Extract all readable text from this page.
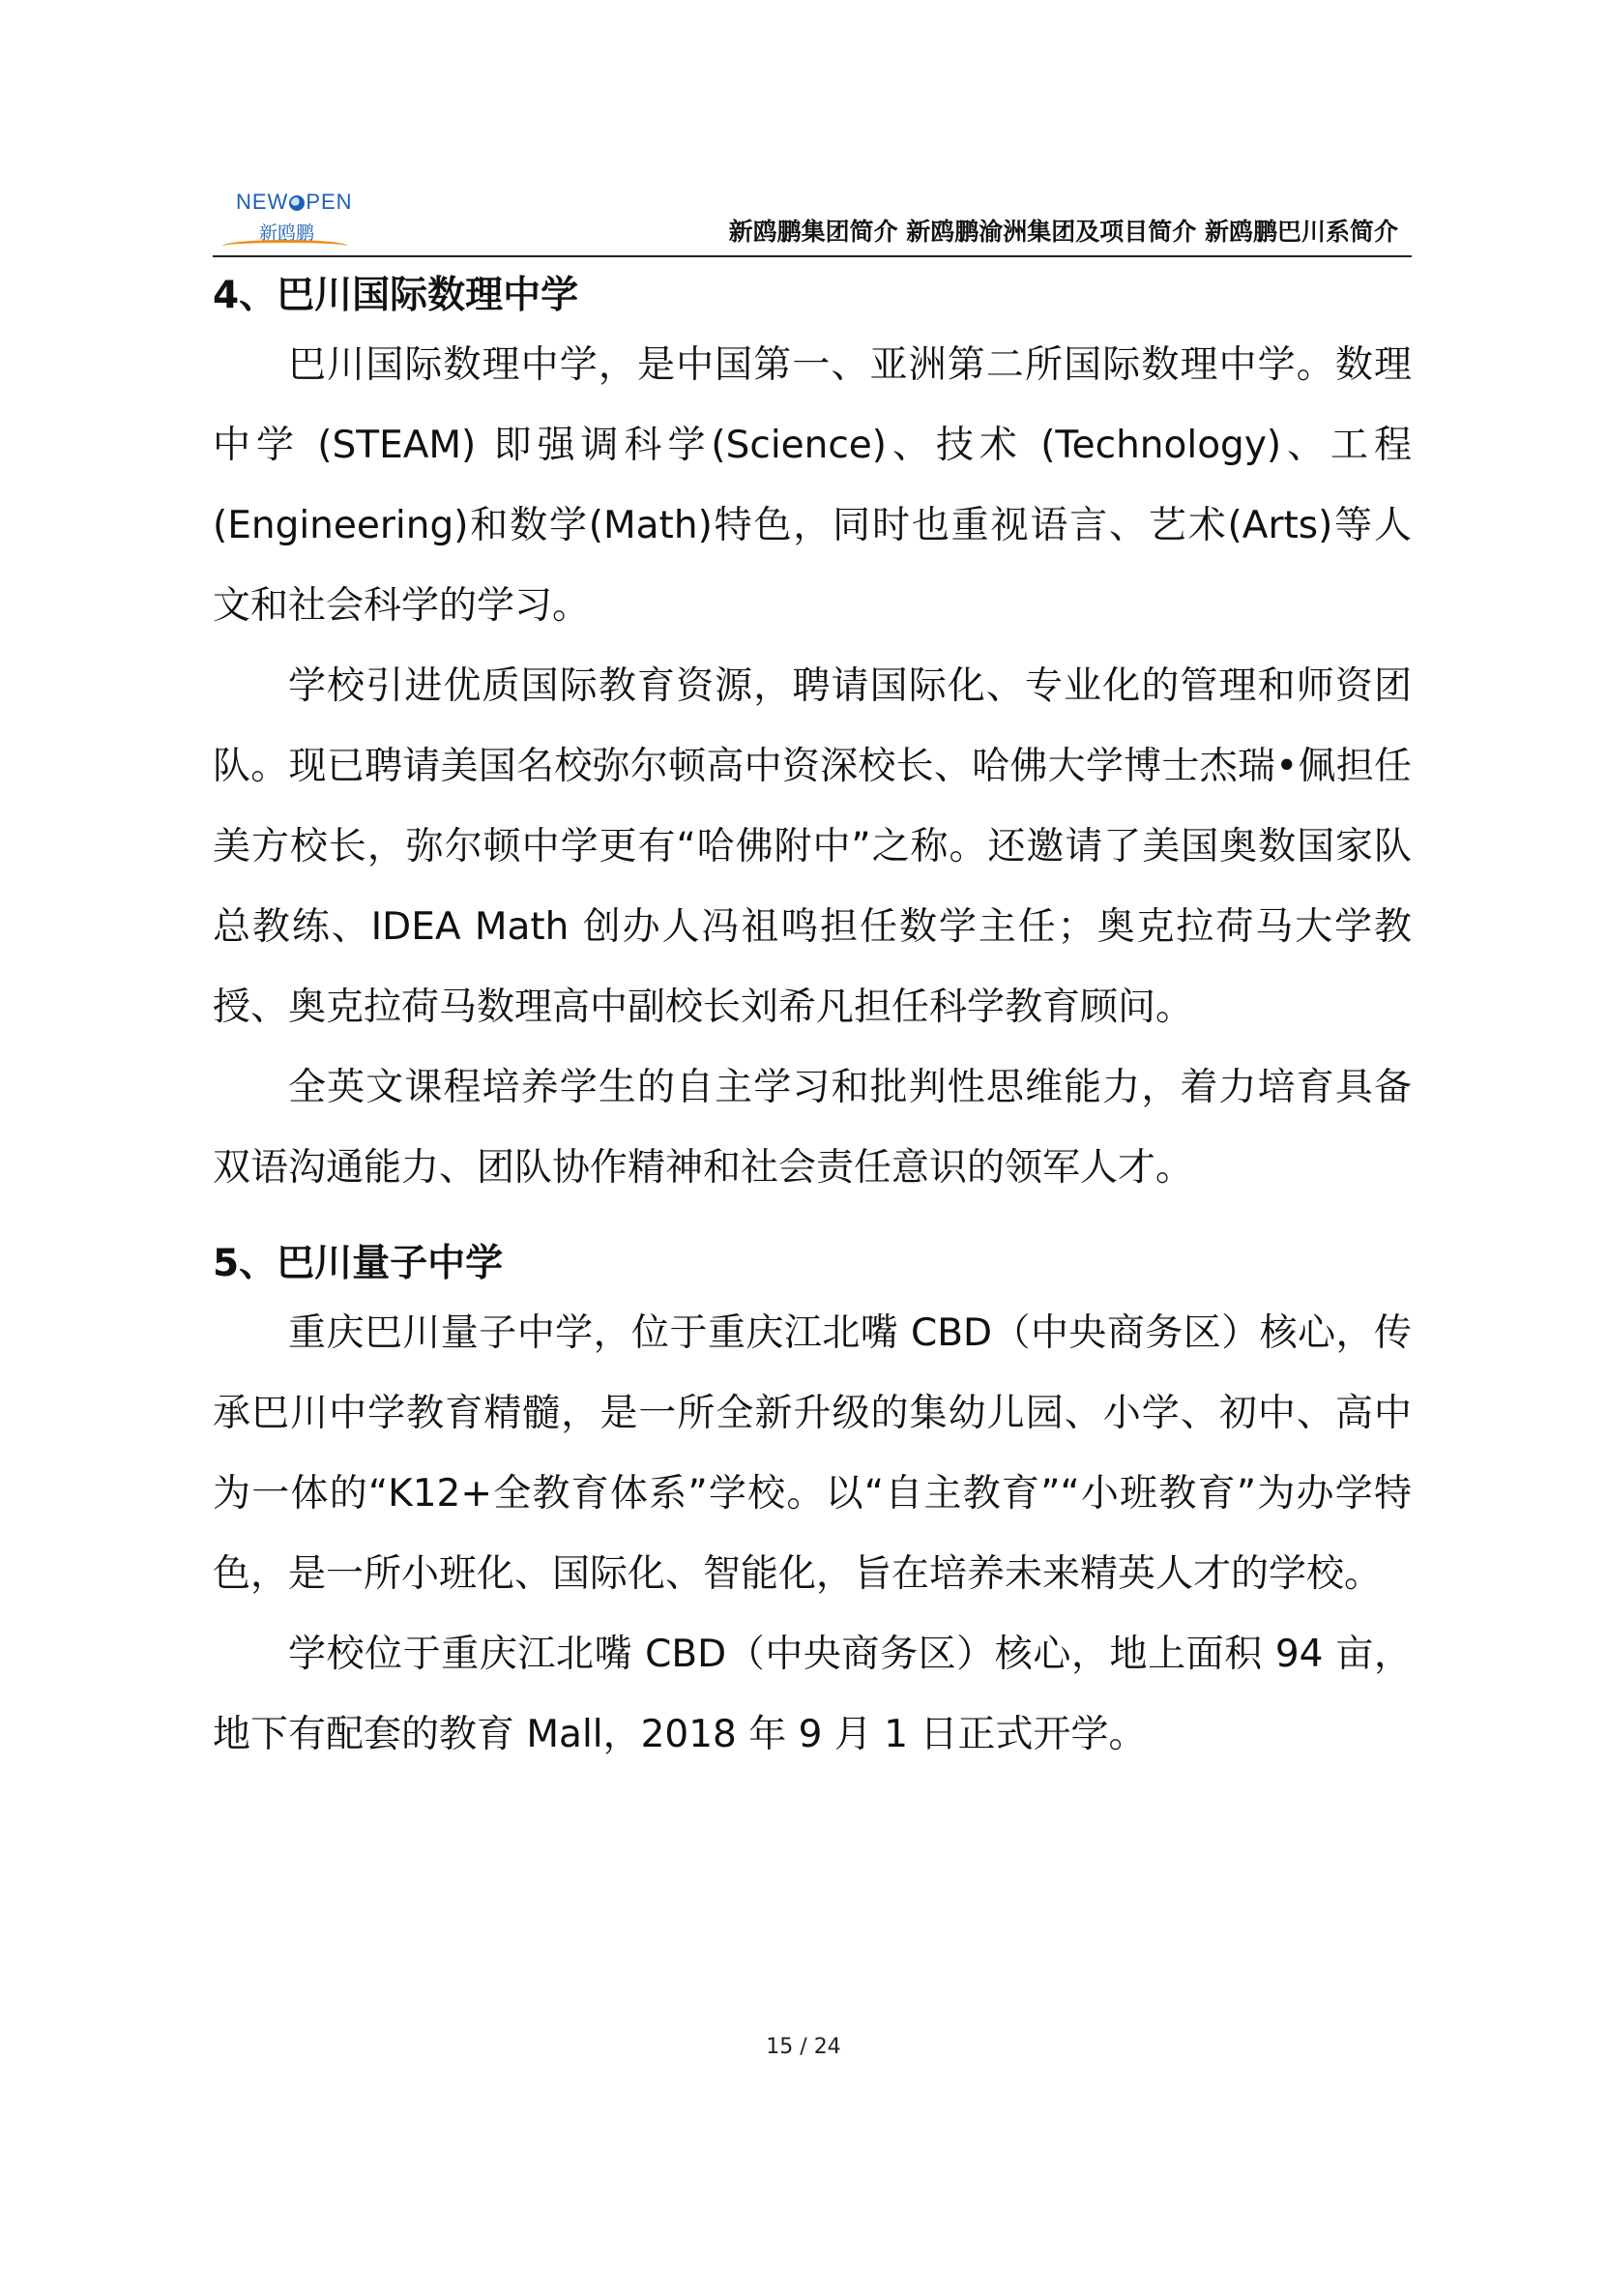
NEW PEN
新鸥鹏	新鸥鹏集团简介 新鸥鹏渝洲集团及项目简介 新鸥鹏巴川系简介
4、巴川国际数理中学

巴川国际数理中学，是中国第一、亚洲第二所国际数理中学。数理中学 (STEAM) 即强调科学(Science)、技术 (Technology)、工程(Engineering)和数学(Math)特色，同时也重视语言、艺术(Arts)等人文和社会科学的学习。

学校引进优质国际教育资源，聘请国际化、专业化的管理和师资团队。现已聘请美国名校弥尔顿高中资深校长、哈佛大学博士杰瑞•佩担任美方校长，弥尔顿中学更有“哈佛附中”之称。还邀请了美国奥数国家队总教练、IDEA Math 创办人冯祖鸣担任数学主任；奥克拉荷马大学教授、奥克拉荷马数理高中副校长刘希凡担任科学教育顾问。

全英文课程培养学生的自主学习和批判性思维能力，着力培育具备双语沟通能力、团队协作精神和社会责任意识的领军人才。

5、巴川量子中学

重庆巴川量子中学，位于重庆江北嘴 CBD（中央商务区）核心，传承巴川中学教育精髓，是一所全新升级的集幼儿园、小学、初中、高中为一体的“K12+全教育体系”学校。以“自主教育”“小班教育”为办学特色，是一所小班化、国际化、智能化，旨在培养未来精英人才的学校。

学校位于重庆江北嘴 CBD（中央商务区）核心，地上面积 94 亩，地下有配套的教育 Mall，2018 年 9 月 1 日正式开学。

15 / 24
